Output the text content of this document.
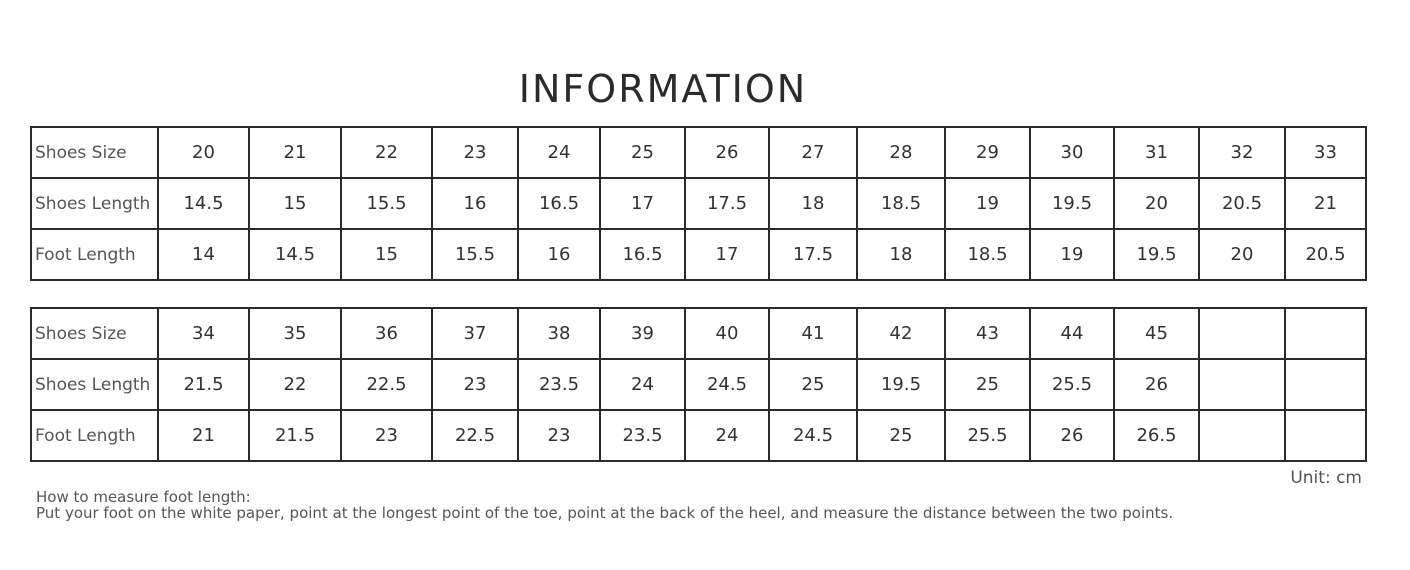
INFORMATION
Shoes Size	20	21	22	23	24	25	26	27	28	29	30	31	32	33
Shoes Length	14.5	15	15.5	16	16.5	17	17.5	18	18.5	19	19.5	20	20.5	21
Foot Length	14	14.5	15	15.5	16	16.5	17	17.5	18	18.5	19	19.5	20	20.5
Shoes Size	34	35	36	37	38	39	40	41	42	43	44	45		
Shoes Length	21.5	22	22.5	23	23.5	24	24.5	25	19.5	25	25.5	26		
Foot Length	21	21.5	23	22.5	23	23.5	24	24.5	25	25.5	26	26.5		
Unit: cm
How to measure foot length:
Put your foot on the white paper, point at the longest point of the toe, point at the back of the heel, and measure the distance between the two points.
